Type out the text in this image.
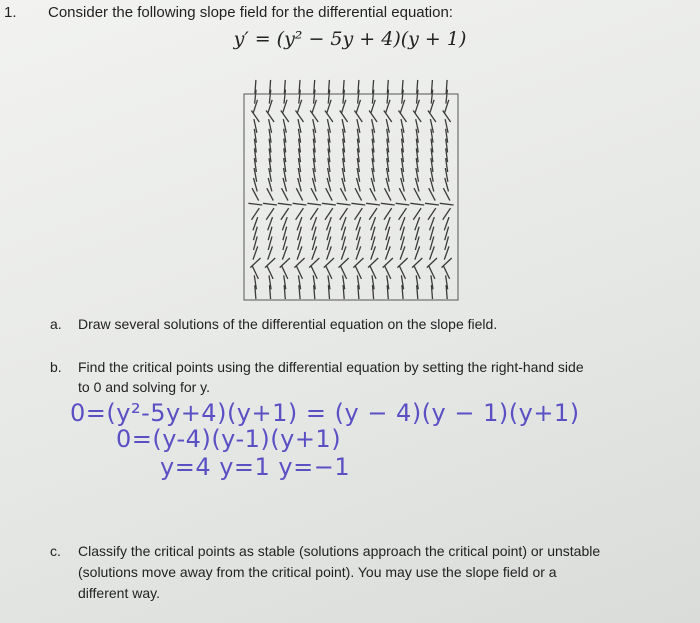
1. Consider the following slope field for the differential equation:
y′ = (y² − 5y + 4)(y + 1)
a. Draw several solutions of the differential equation on the slope field.
b. Find the critical points using the differential equation by setting the right-hand side
to 0 and solving for y.
0=(y²-5y+4)(y+1) = (y − 4)(y − 1)(y+1)
0=(y-4)(y-1)(y+1)
y=4 y=1 y=−1
c. Classify the critical points as stable (solutions approach the critical point) or unstable
(solutions move away from the critical point). You may use the slope field or a
different way.
